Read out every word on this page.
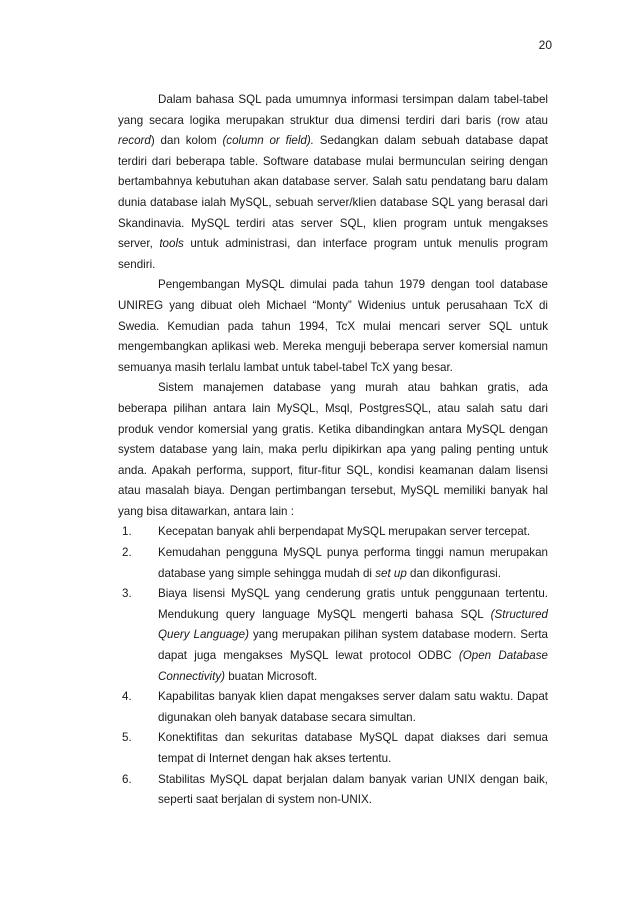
20

Dalam bahasa SQL pada umumnya informasi tersimpan dalam tabel-tabel yang secara logika merupakan struktur dua dimensi terdiri dari baris (row atau record) dan kolom (column or field). Sedangkan dalam sebuah database dapat terdiri dari beberapa table. Software database mulai bermunculan seiring dengan bertambahnya kebutuhan akan database server. Salah satu pendatang baru dalam dunia database ialah MySQL, sebuah server/klien database SQL yang berasal dari Skandinavia. MySQL terdiri atas server SQL, klien program untuk mengakses server, tools untuk administrasi, dan interface program untuk menulis program sendiri.

Pengembangan MySQL dimulai pada tahun 1979 dengan tool database UNIREG yang dibuat oleh Michael “Monty” Widenius untuk perusahaan TcX di Swedia. Kemudian pada tahun 1994, TcX mulai mencari server SQL untuk mengembangkan aplikasi web. Mereka menguji beberapa server komersial namun semuanya masih terlalu lambat untuk tabel-tabel TcX yang besar.

Sistem manajemen database yang murah atau bahkan gratis, ada beberapa pilihan antara lain MySQL, Msql, PostgresSQL, atau salah satu dari produk vendor komersial yang gratis. Ketika dibandingkan antara MySQL dengan system database yang lain, maka perlu dipikirkan apa yang paling penting untuk anda. Apakah performa, support, fitur-fitur SQL, kondisi keamanan dalam lisensi atau masalah biaya. Dengan pertimbangan tersebut, MySQL memiliki banyak hal yang bisa ditawarkan, antara lain :

1.	Kecepatan banyak ahli berpendapat MySQL merupakan server tercepat.
2.	Kemudahan pengguna MySQL punya performa tinggi namun merupakan database yang simple sehingga mudah di set up dan dikonfigurasi.
3.	Biaya lisensi MySQL yang cenderung gratis untuk penggunaan tertentu. Mendukung query language MySQL mengerti bahasa SQL (Structured Query Language) yang merupakan pilihan system database modern. Serta dapat juga mengakses MySQL lewat protocol ODBC (Open Database Connectivity) buatan Microsoft.
4.	Kapabilitas banyak klien dapat mengakses server dalam satu waktu. Dapat digunakan oleh banyak database secara simultan.
5.	Konektifitas dan sekuritas database MySQL dapat diakses dari semua tempat di Internet dengan hak akses tertentu.
6.	Stabilitas MySQL dapat berjalan dalam banyak varian UNIX dengan baik, seperti saat berjalan di system non-UNIX.
